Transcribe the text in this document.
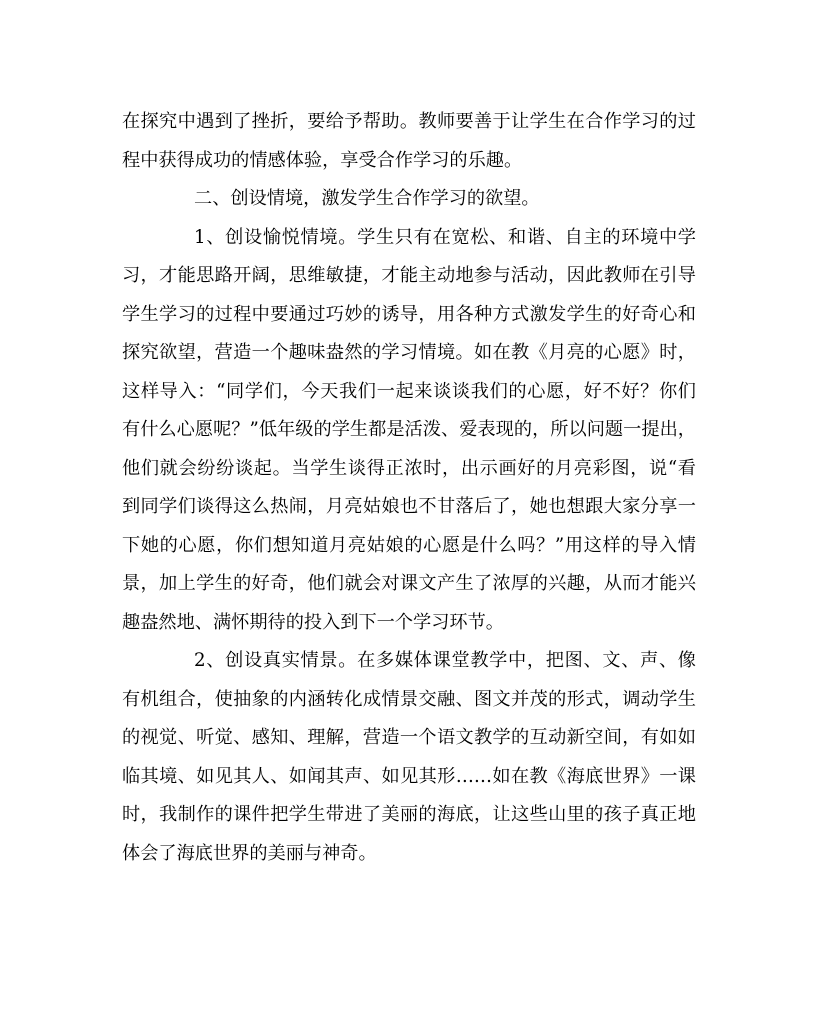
在探究中遇到了挫折，要给予帮助。教师要善于让学生在合作学习的过
程中获得成功的情感体验，享受合作学习的乐趣。
二、创设情境，激发学生合作学习的欲望。
1、创设愉悦情境。学生只有在宽松、和谐、自主的环境中学
习，才能思路开阔，思维敏捷，才能主动地参与活动，因此教师在引导
学生学习的过程中要通过巧妙的诱导，用各种方式激发学生的好奇心和
探究欲望，营造一个趣味盎然的学习情境。如在教《月亮的心愿》时，
这样导入：“同学们，今天我们一起来谈谈我们的心愿，好不好？你们
有什么心愿呢？”低年级的学生都是活泼、爱表现的，所以问题一提出，
他们就会纷纷谈起。当学生谈得正浓时，出示画好的月亮彩图，说“看
到同学们谈得这么热闹，月亮姑娘也不甘落后了，她也想跟大家分享一
下她的心愿，你们想知道月亮姑娘的心愿是什么吗？”用这样的导入情
景，加上学生的好奇，他们就会对课文产生了浓厚的兴趣，从而才能兴
趣盎然地、满怀期待的投入到下一个学习环节。
2、创设真实情景。在多媒体课堂教学中，把图、文、声、像
有机组合，使抽象的内涵转化成情景交融、图文并茂的形式，调动学生
的视觉、听觉、感知、理解，营造一个语文教学的互动新空间，有如如
临其境、如见其人、如闻其声、如见其形……如在教《海底世界》一课
时，我制作的课件把学生带进了美丽的海底，让这些山里的孩子真正地
体会了海底世界的美丽与神奇。
